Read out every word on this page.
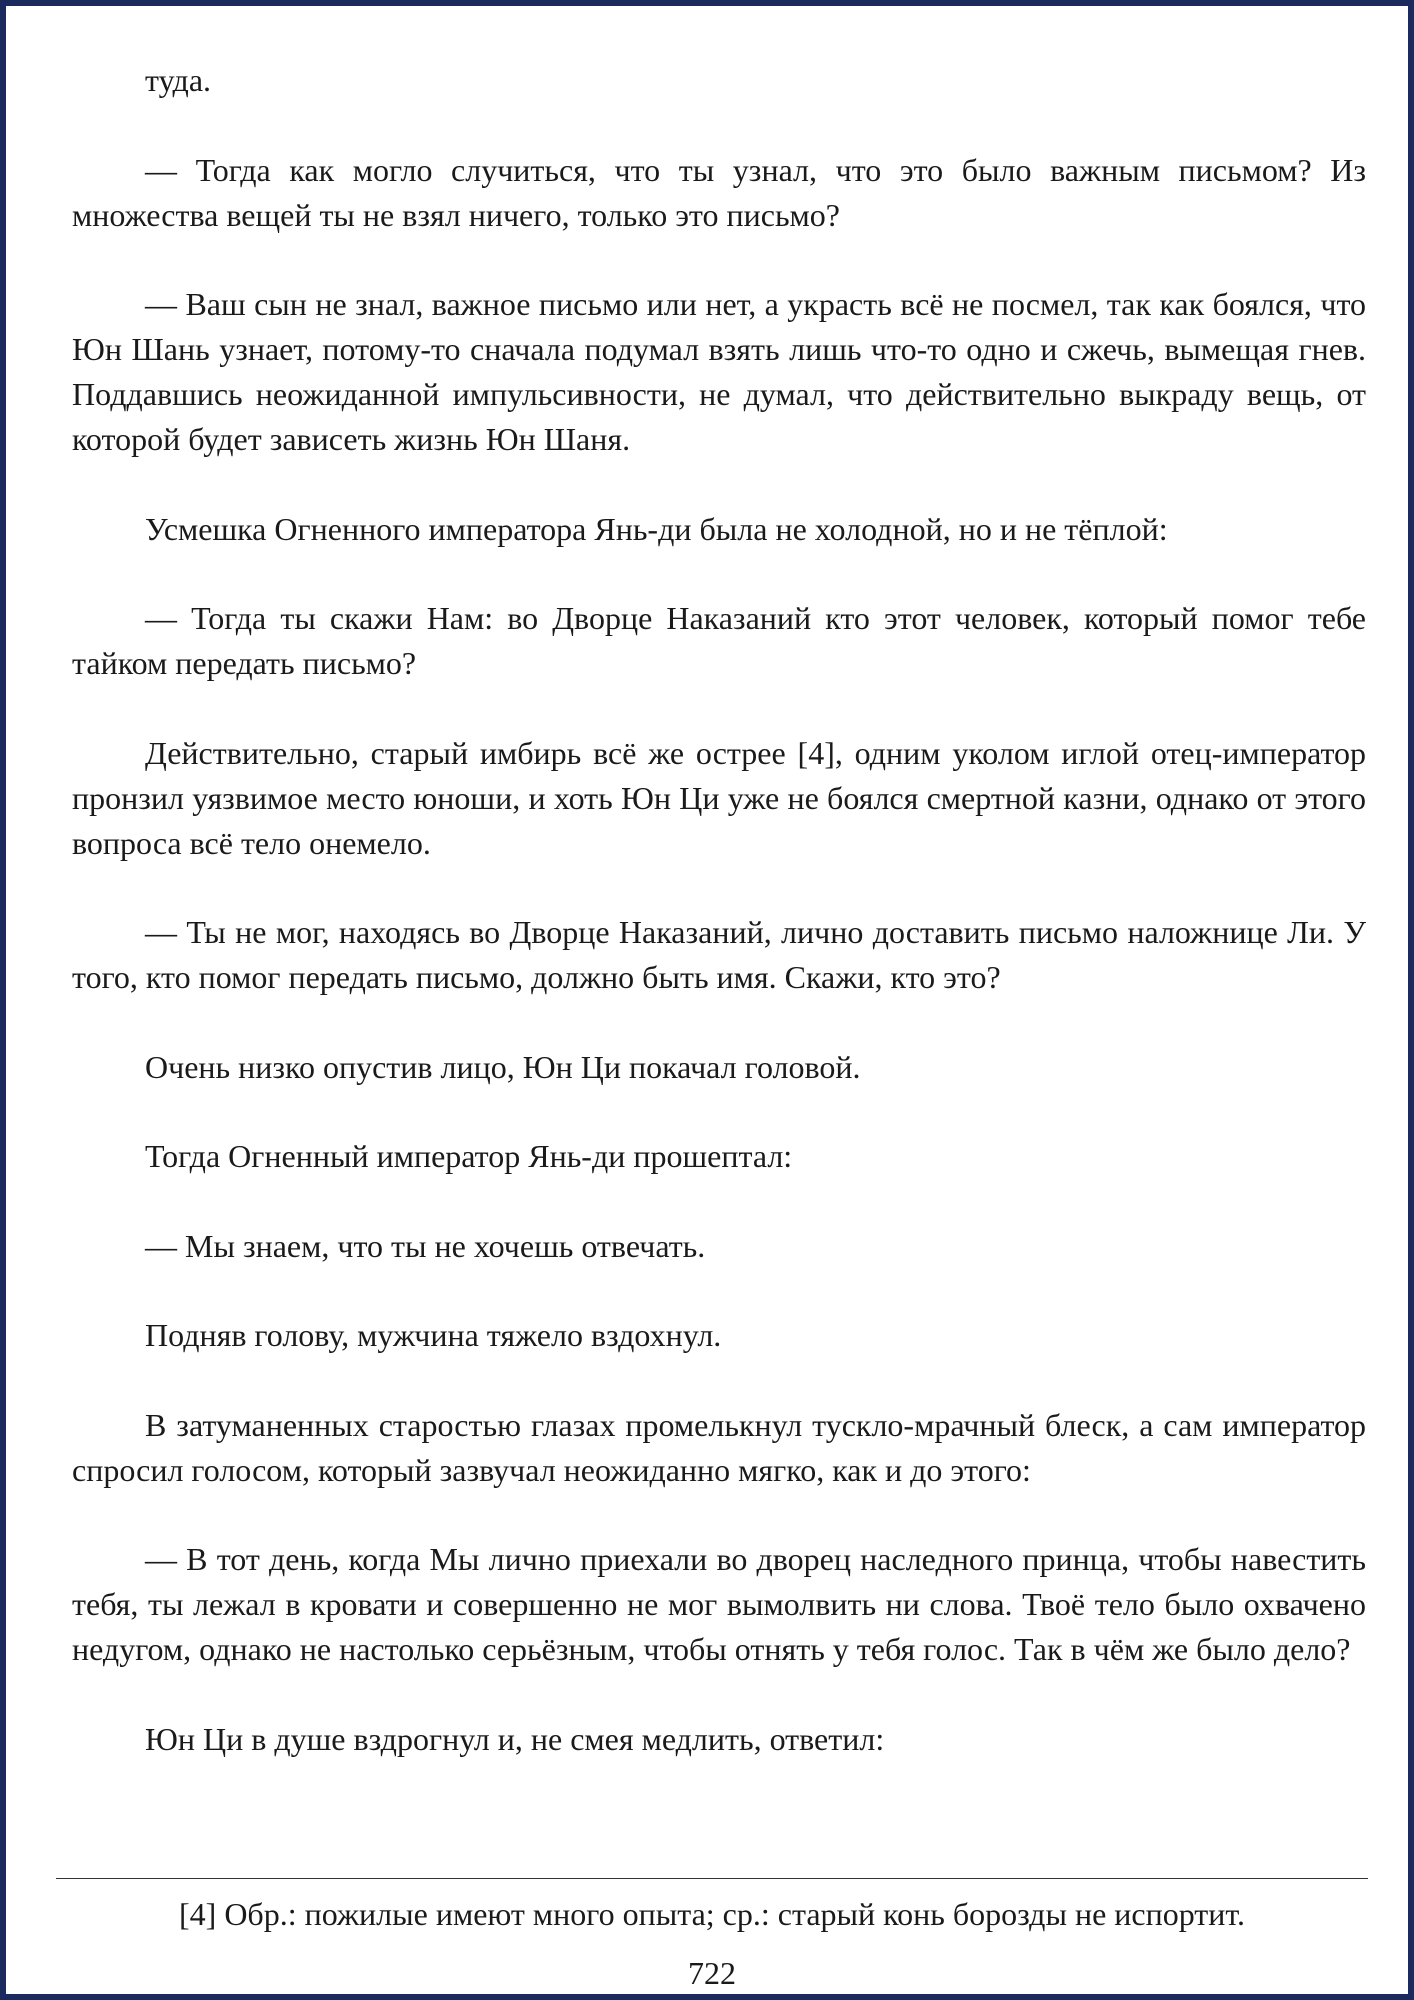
туда.

— Тогда как могло случиться, что ты узнал, что это было важным письмом? Из множества вещей ты не взял ничего, только это письмо?

— Ваш сын не знал, важное письмо или нет, а украсть всё не посмел, так как боялся, что Юн Шань узнает, потому-то сначала подумал взять лишь что-то одно и сжечь, вымещая гнев. Поддавшись неожиданной импульсивности, не думал, что действительно выкраду вещь, от которой будет зависеть жизнь Юн Шаня.

Усмешка Огненного императора Янь-ди была не холодной, но и не тёплой:

— Тогда ты скажи Нам: во Дворце Наказаний кто этот человек, который помог тебе тайком передать письмо?

Действительно, старый имбирь всё же острее [4], одним уколом иглой отец-император пронзил уязвимое место юноши, и хоть Юн Ци уже не боялся смертной казни, однако от этого вопроса всё тело онемело.

— Ты не мог, находясь во Дворце Наказаний, лично доставить письмо наложнице Ли. У того, кто помог передать письмо, должно быть имя. Скажи, кто это?

Очень низко опустив лицо, Юн Ци покачал головой.

Тогда Огненный император Янь-ди прошептал:

— Мы знаем, что ты не хочешь отвечать.

Подняв голову, мужчина тяжело вздохнул.

В затуманенных старостью глазах промелькнул тускло-мрачный блеск, а сам император спросил голосом, который зазвучал неожиданно мягко, как и до этого:

— В тот день, когда Мы лично приехали во дворец наследного принца, чтобы навестить тебя, ты лежал в кровати и совершенно не мог вымолвить ни слова. Твоё тело было охвачено недугом, однако не настолько серьёзным, чтобы отнять у тебя голос. Так в чём же было дело?

Юн Ци в душе вздрогнул и, не смея медлить, ответил:

[4] Обр.: пожилые имеют много опыта; ср.: старый конь борозды не испортит.
722
